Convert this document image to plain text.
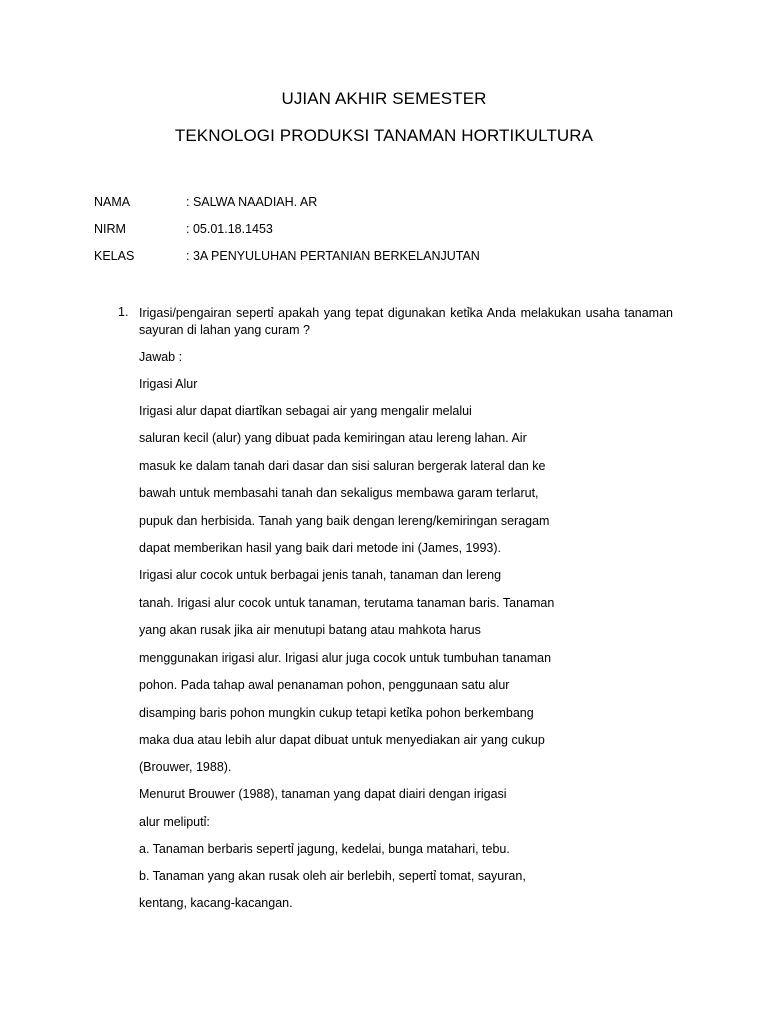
UJIAN AKHIR SEMESTER
TEKNOLOGI PRODUKSI TANAMAN HORTIKULTURA
NAMA	: SALWA NAADIAH. AR
NIRM	: 05.01.18.1453
KELAS	: 3A PENYULUHAN PERTANIAN BERKELANJUTAN
1. Irigasi/pengairan sepertỉ apakah yang tepat digunakan ketỉka Anda melakukan usaha tanaman sayuran di lahan yang curam ?
Jawab :
Irigasi Alur
Irigasi alur dapat diartỉkan sebagai air yang mengalir melalui
saluran kecil (alur) yang dibuat pada kemiringan atau lereng lahan. Air
masuk ke dalam tanah dari dasar dan sisi saluran bergerak lateral dan ke
bawah untuk membasahi tanah dan sekaligus membawa garam terlarut,
pupuk dan herbisida. Tanah yang baik dengan lereng/kemiringan seragam
dapat memberikan hasil yang baik dari metode ini (James, 1993).
Irigasi alur cocok untuk berbagai jenis tanah, tanaman dan lereng
tanah. Irigasi alur cocok untuk tanaman, terutama tanaman baris. Tanaman
yang akan rusak jika air menutupi batang atau mahkota harus
menggunakan irigasi alur. Irigasi alur juga cocok untuk tumbuhan tanaman
pohon. Pada tahap awal penanaman pohon, penggunaan satu alur
disamping baris pohon mungkin cukup tetapi ketỉka pohon berkembang
maka dua atau lebih alur dapat dibuat untuk menyediakan air yang cukup
(Brouwer, 1988).
Menurut Brouwer (1988), tanaman yang dapat diairi dengan irigasi
alur meliputỉ:
a. Tanaman berbaris sepertỉ jagung, kedelai, bunga matahari, tebu.
b. Tanaman yang akan rusak oleh air berlebih, sepertỉ tomat, sayuran,
kentang, kacang-kacangan.
